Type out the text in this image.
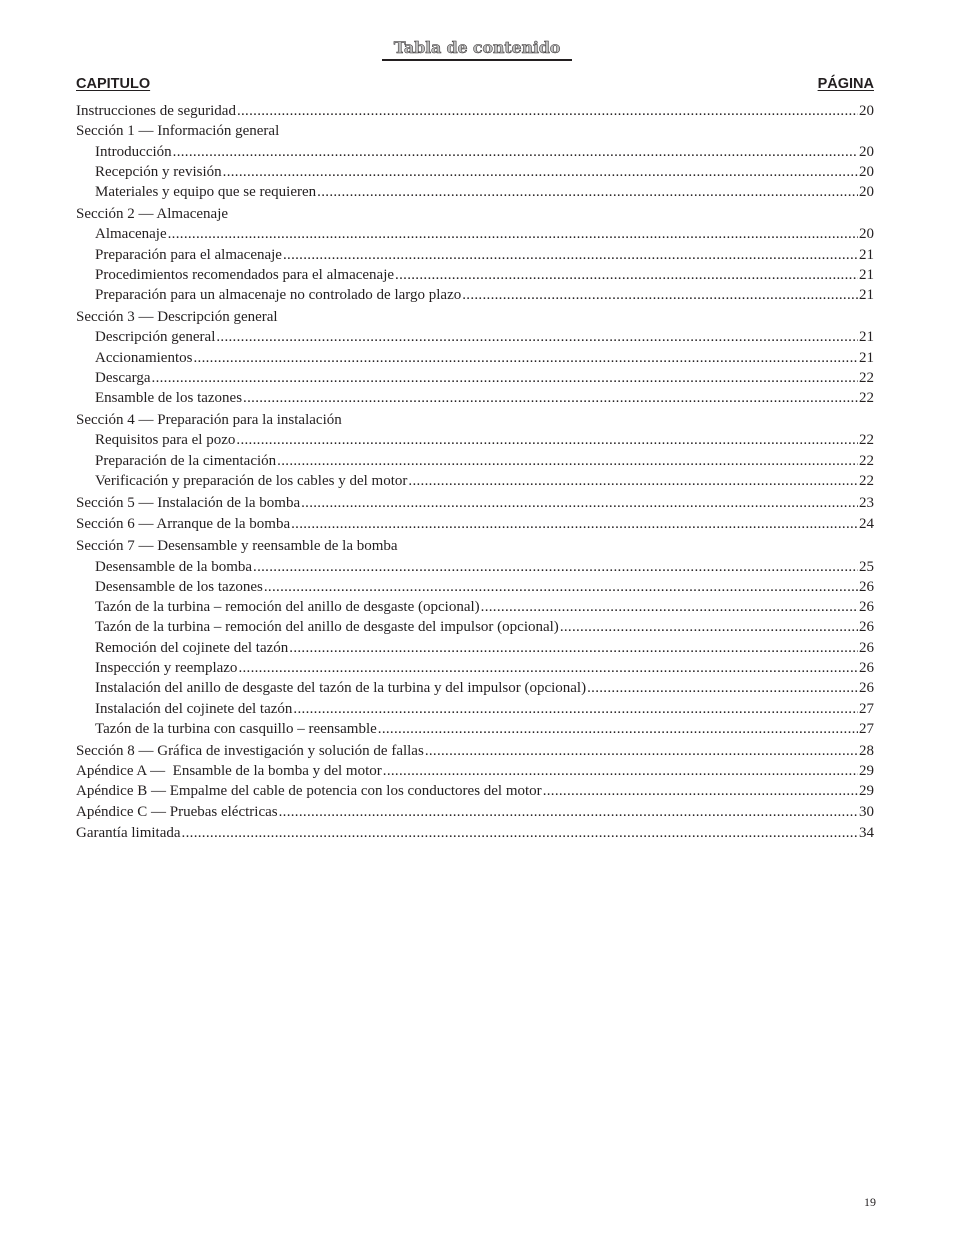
Tabla de contenido
CAPITULO	PÁGINA
Instrucciones de seguridad .....	20
Sección 1 — Información general
Introducción .....	20
Recepción y revisión .....	20
Materiales y equipo que se requieren .....	20
Sección 2 — Almacenaje
Almacenaje .....	20
Preparación para el almacenaje .....	21
Procedimientos recomendados para el almacenaje .....	21
Preparación para un almacenaje no controlado de largo plazo .....	21
Sección 3 — Descripción general
Descripción general .....	21
Accionamientos .....	21
Descarga .....	22
Ensamble de los tazones .....	22
Sección 4 — Preparación para la instalación
Requisitos para el pozo .....	22
Preparación de la cimentación .....	22
Verificación y preparación de los cables y del motor .....	22
Sección 5 — Instalación de la bomba .....	23
Sección 6 — Arranque de la bomba .....	24
Sección 7 — Desensamble y reensamble de la bomba
Desensamble de la bomba .....	25
Desensamble de los tazones .....	26
Tazón de la turbina – remoción del anillo de desgaste (opcional) .....	26
Tazón de la turbina – remoción del anillo de desgaste del impulsor (opcional) .....	26
Remoción del cojinete del tazón .....	26
Inspección y reemplazo .....	26
Instalación del anillo de desgaste del tazón de la turbina y del impulsor (opcional) .....	26
Instalación del cojinete del tazón .....	27
Tazón de la turbina con casquillo – reensamble .....	27
Sección 8 — Gráfica de investigación y solución de fallas .....	28
Apéndice A —  Ensamble de la bomba y del motor .....	29
Apéndice B — Empalme del cable de potencia con los conductores del motor .....	29
Apéndice C — Pruebas eléctricas .....	30
Garantía limitada .....	34
19
